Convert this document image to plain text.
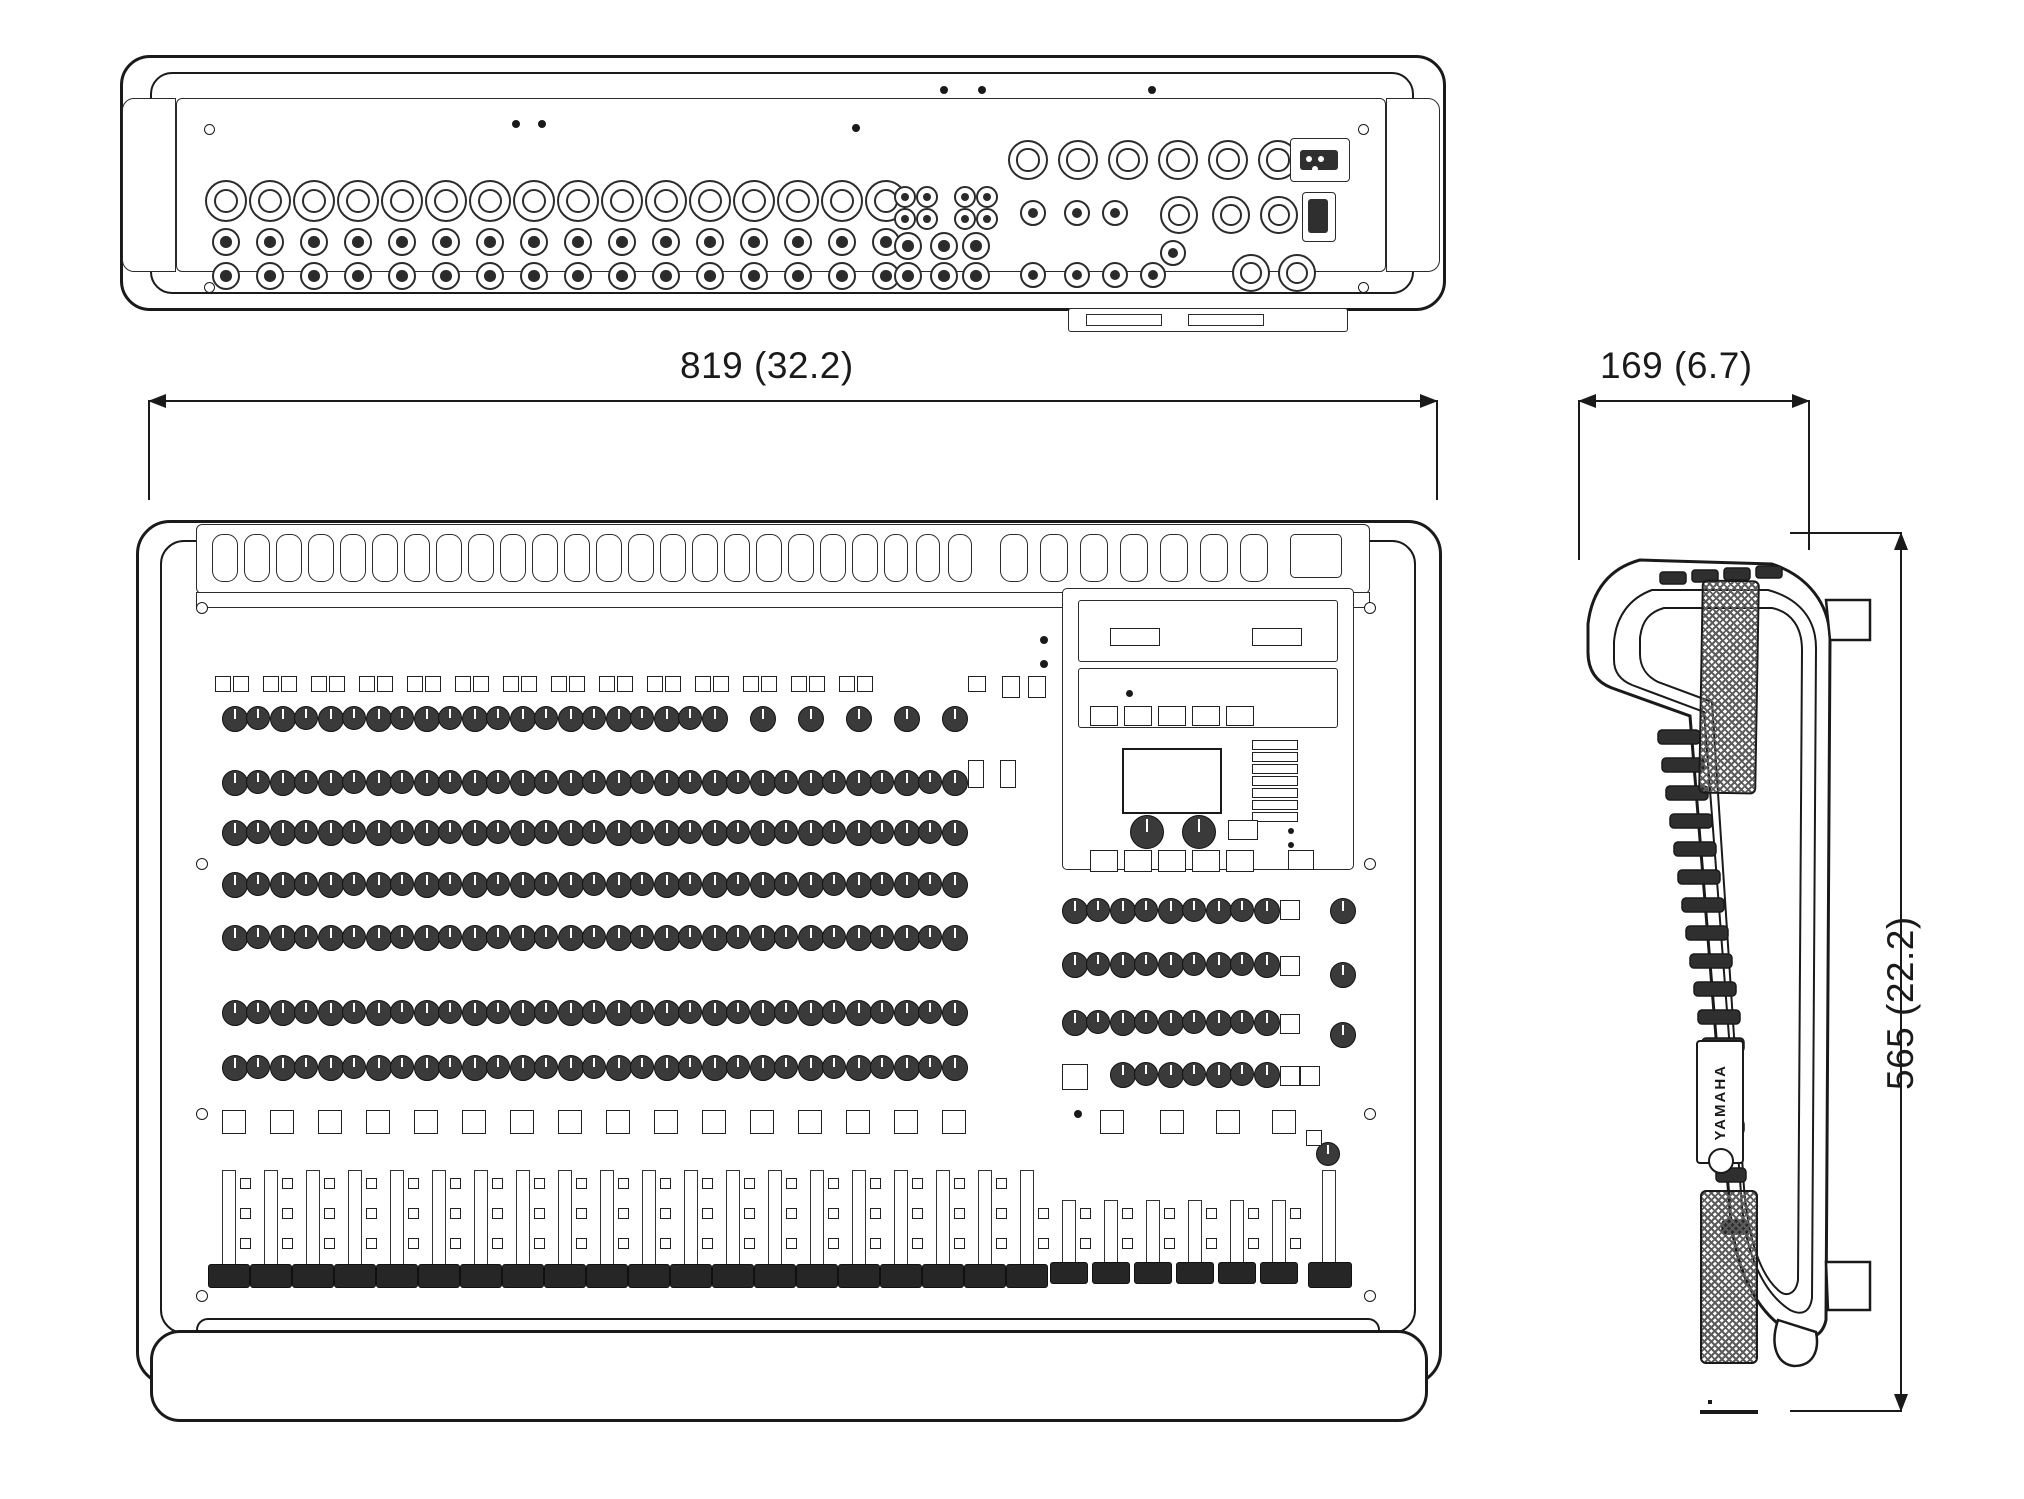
819 (32.2)	169 (6.7)
YAMAHA
565 (22.2)
